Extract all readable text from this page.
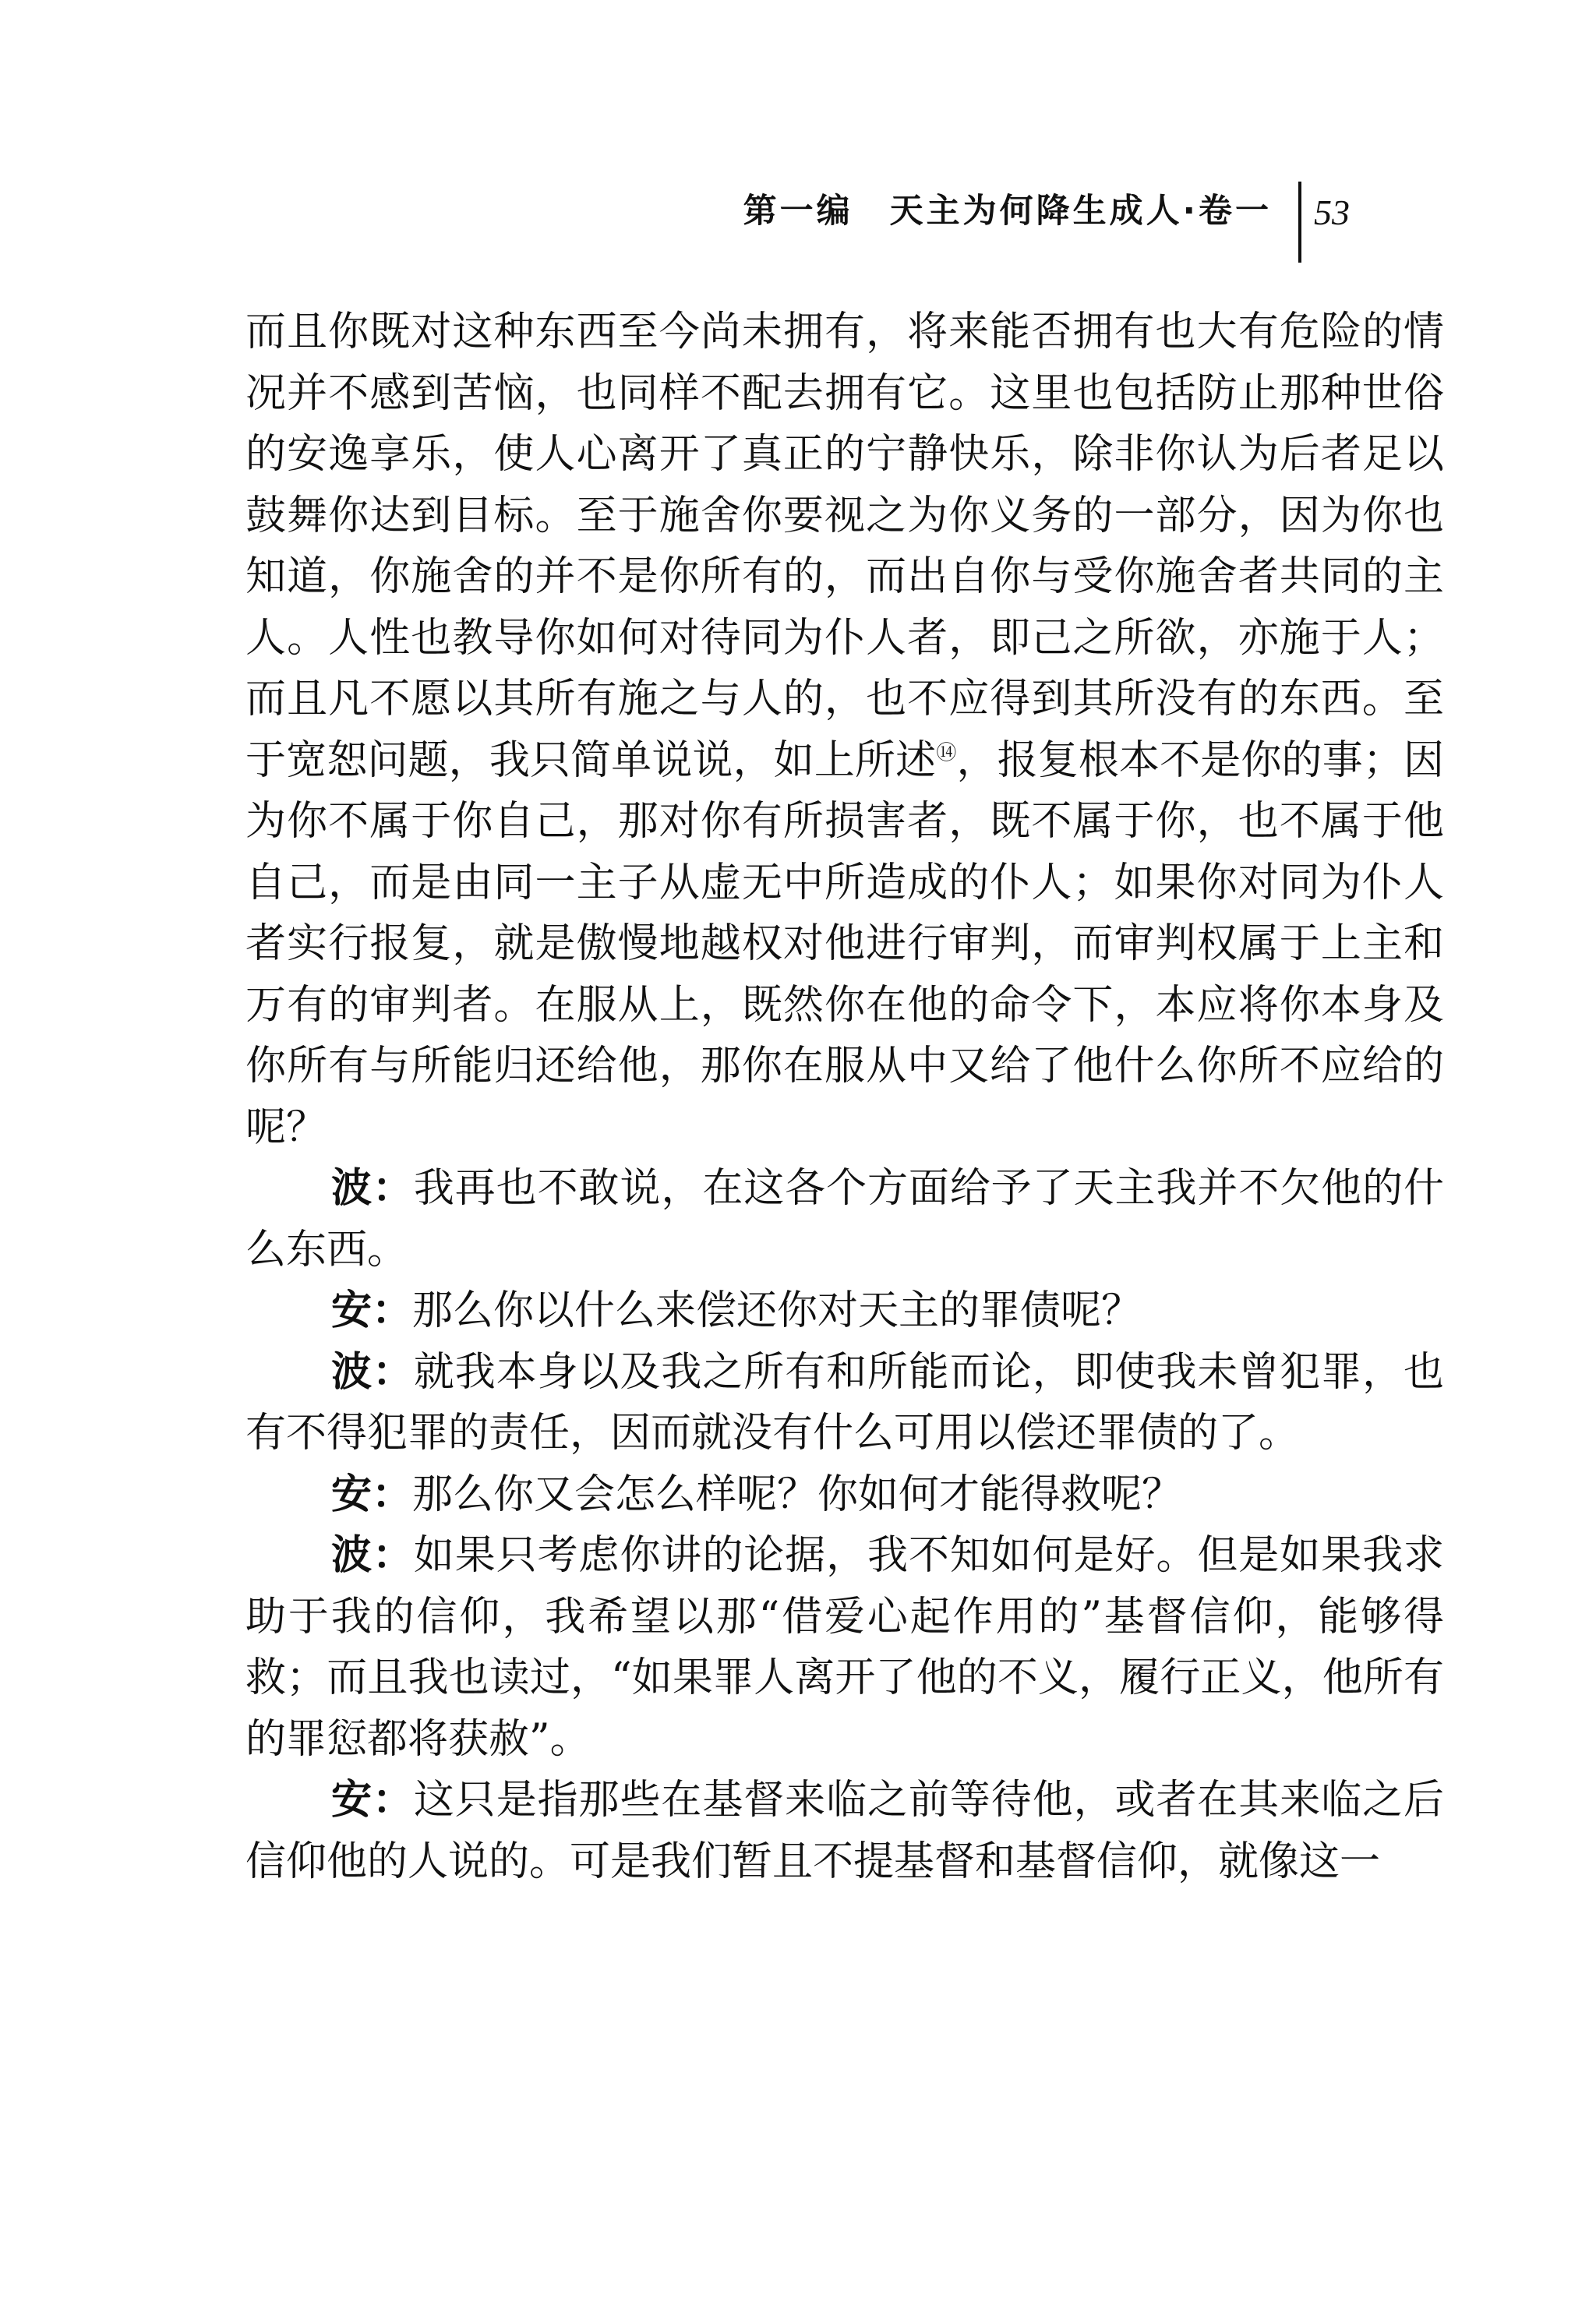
第一编　天主为何降生成人·卷一 53

而且你既对这种东西至今尚未拥有，将来能否拥有也大有危险的情况并不感到苦恼，也同样不配去拥有它。这里也包括防止那种世俗的安逸享乐，使人心离开了真正的宁静快乐，除非你认为后者足以鼓舞你达到目标。至于施舍你要视之为你义务的一部分，因为你也知道，你施舍的并不是你所有的，而出自你与受你施舍者共同的主人。人性也教导你如何对待同为仆人者，即己之所欲，亦施于人；而且凡不愿以其所有施之与人的，也不应得到其所没有的东西。至于宽恕问题，我只简单说说，如上所述⑭，报复根本不是你的事；因为你不属于你自己，那对你有所损害者，既不属于你，也不属于他自己，而是由同一主子从虚无中所造成的仆人；如果你对同为仆人者实行报复，就是傲慢地越权对他进行审判，而审判权属于上主和万有的审判者。在服从上，既然你在他的命令下，本应将你本身及你所有与所能归还给他，那你在服从中又给了他什么你所不应给的呢？

波：我再也不敢说，在这各个方面给予了天主我并不欠他的什么东西。

安：那么你以什么来偿还你对天主的罪债呢？

波：就我本身以及我之所有和所能而论，即使我未曾犯罪，也有不得犯罪的责任，因而就没有什么可用以偿还罪债的了。

安：那么你又会怎么样呢？你如何才能得救呢？

波：如果只考虑你讲的论据，我不知如何是好。但是如果我求助于我的信仰，我希望以那“借爱心起作用的”基督信仰，能够得救；而且我也读过，“如果罪人离开了他的不义，履行正义，他所有的罪愆都将获赦”。

安：这只是指那些在基督来临之前等待他，或者在其来临之后信仰他的人说的。可是我们暂且不提基督和基督信仰，就像这一
